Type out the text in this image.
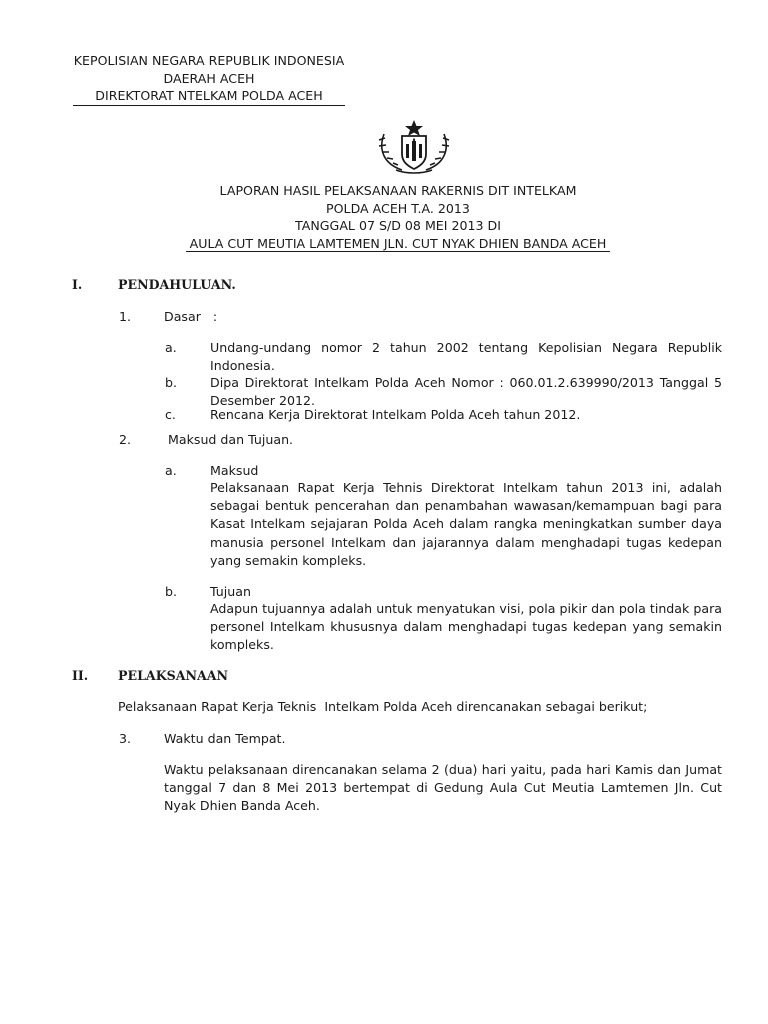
KEPOLISIAN NEGARA REPUBLIK INDONESIA
DAERAH ACEH
DIREKTORAT NTELKAM POLDA ACEH
LAPORAN HASIL PELAKSANAAN RAKERNIS DIT INTELKAM
POLDA ACEH T.A. 2013
TANGGAL 07 S/D 08 MEI 2013 DI
AULA CUT MEUTIA LAMTEMEN JLN. CUT NYAK DHIEN BANDA ACEH
I.	PENDAHULUAN.
1.	Dasar   :
a.	Undang-undang nomor 2 tahun 2002 tentang Kepolisian Negara Republik Indonesia.
b.	Dipa Direktorat Intelkam Polda Aceh Nomor : 060.01.2.639990/2013 Tanggal 5 Desember 2012.
c.	Rencana Kerja Direktorat Intelkam Polda Aceh tahun 2012.
2.	Maksud dan Tujuan.
a.	Maksud
Pelaksanaan Rapat Kerja Tehnis Direktorat Intelkam tahun 2013 ini, adalah sebagai bentuk pencerahan dan penambahan wawasan/kemampuan bagi para Kasat Intelkam sejajaran Polda Aceh dalam rangka meningkatkan sumber daya manusia personel Intelkam dan jajarannya dalam menghadapi tugas kedepan yang semakin kompleks.
b.	Tujuan
Adapun tujuannya adalah untuk menyatukan visi, pola pikir dan pola tindak para personel Intelkam khususnya dalam menghadapi tugas kedepan yang semakin kompleks.
II. PELAKSANAAN
Pelaksanaan Rapat Kerja Teknis  Intelkam Polda Aceh direncanakan sebagai berikut;
3.	Waktu dan Tempat.
Waktu pelaksanaan direncanakan selama 2 (dua) hari yaitu, pada hari Kamis dan Jumat tanggal 7 dan 8 Mei 2013 bertempat di Gedung Aula Cut Meutia Lamtemen Jln. Cut Nyak Dhien Banda Aceh.
